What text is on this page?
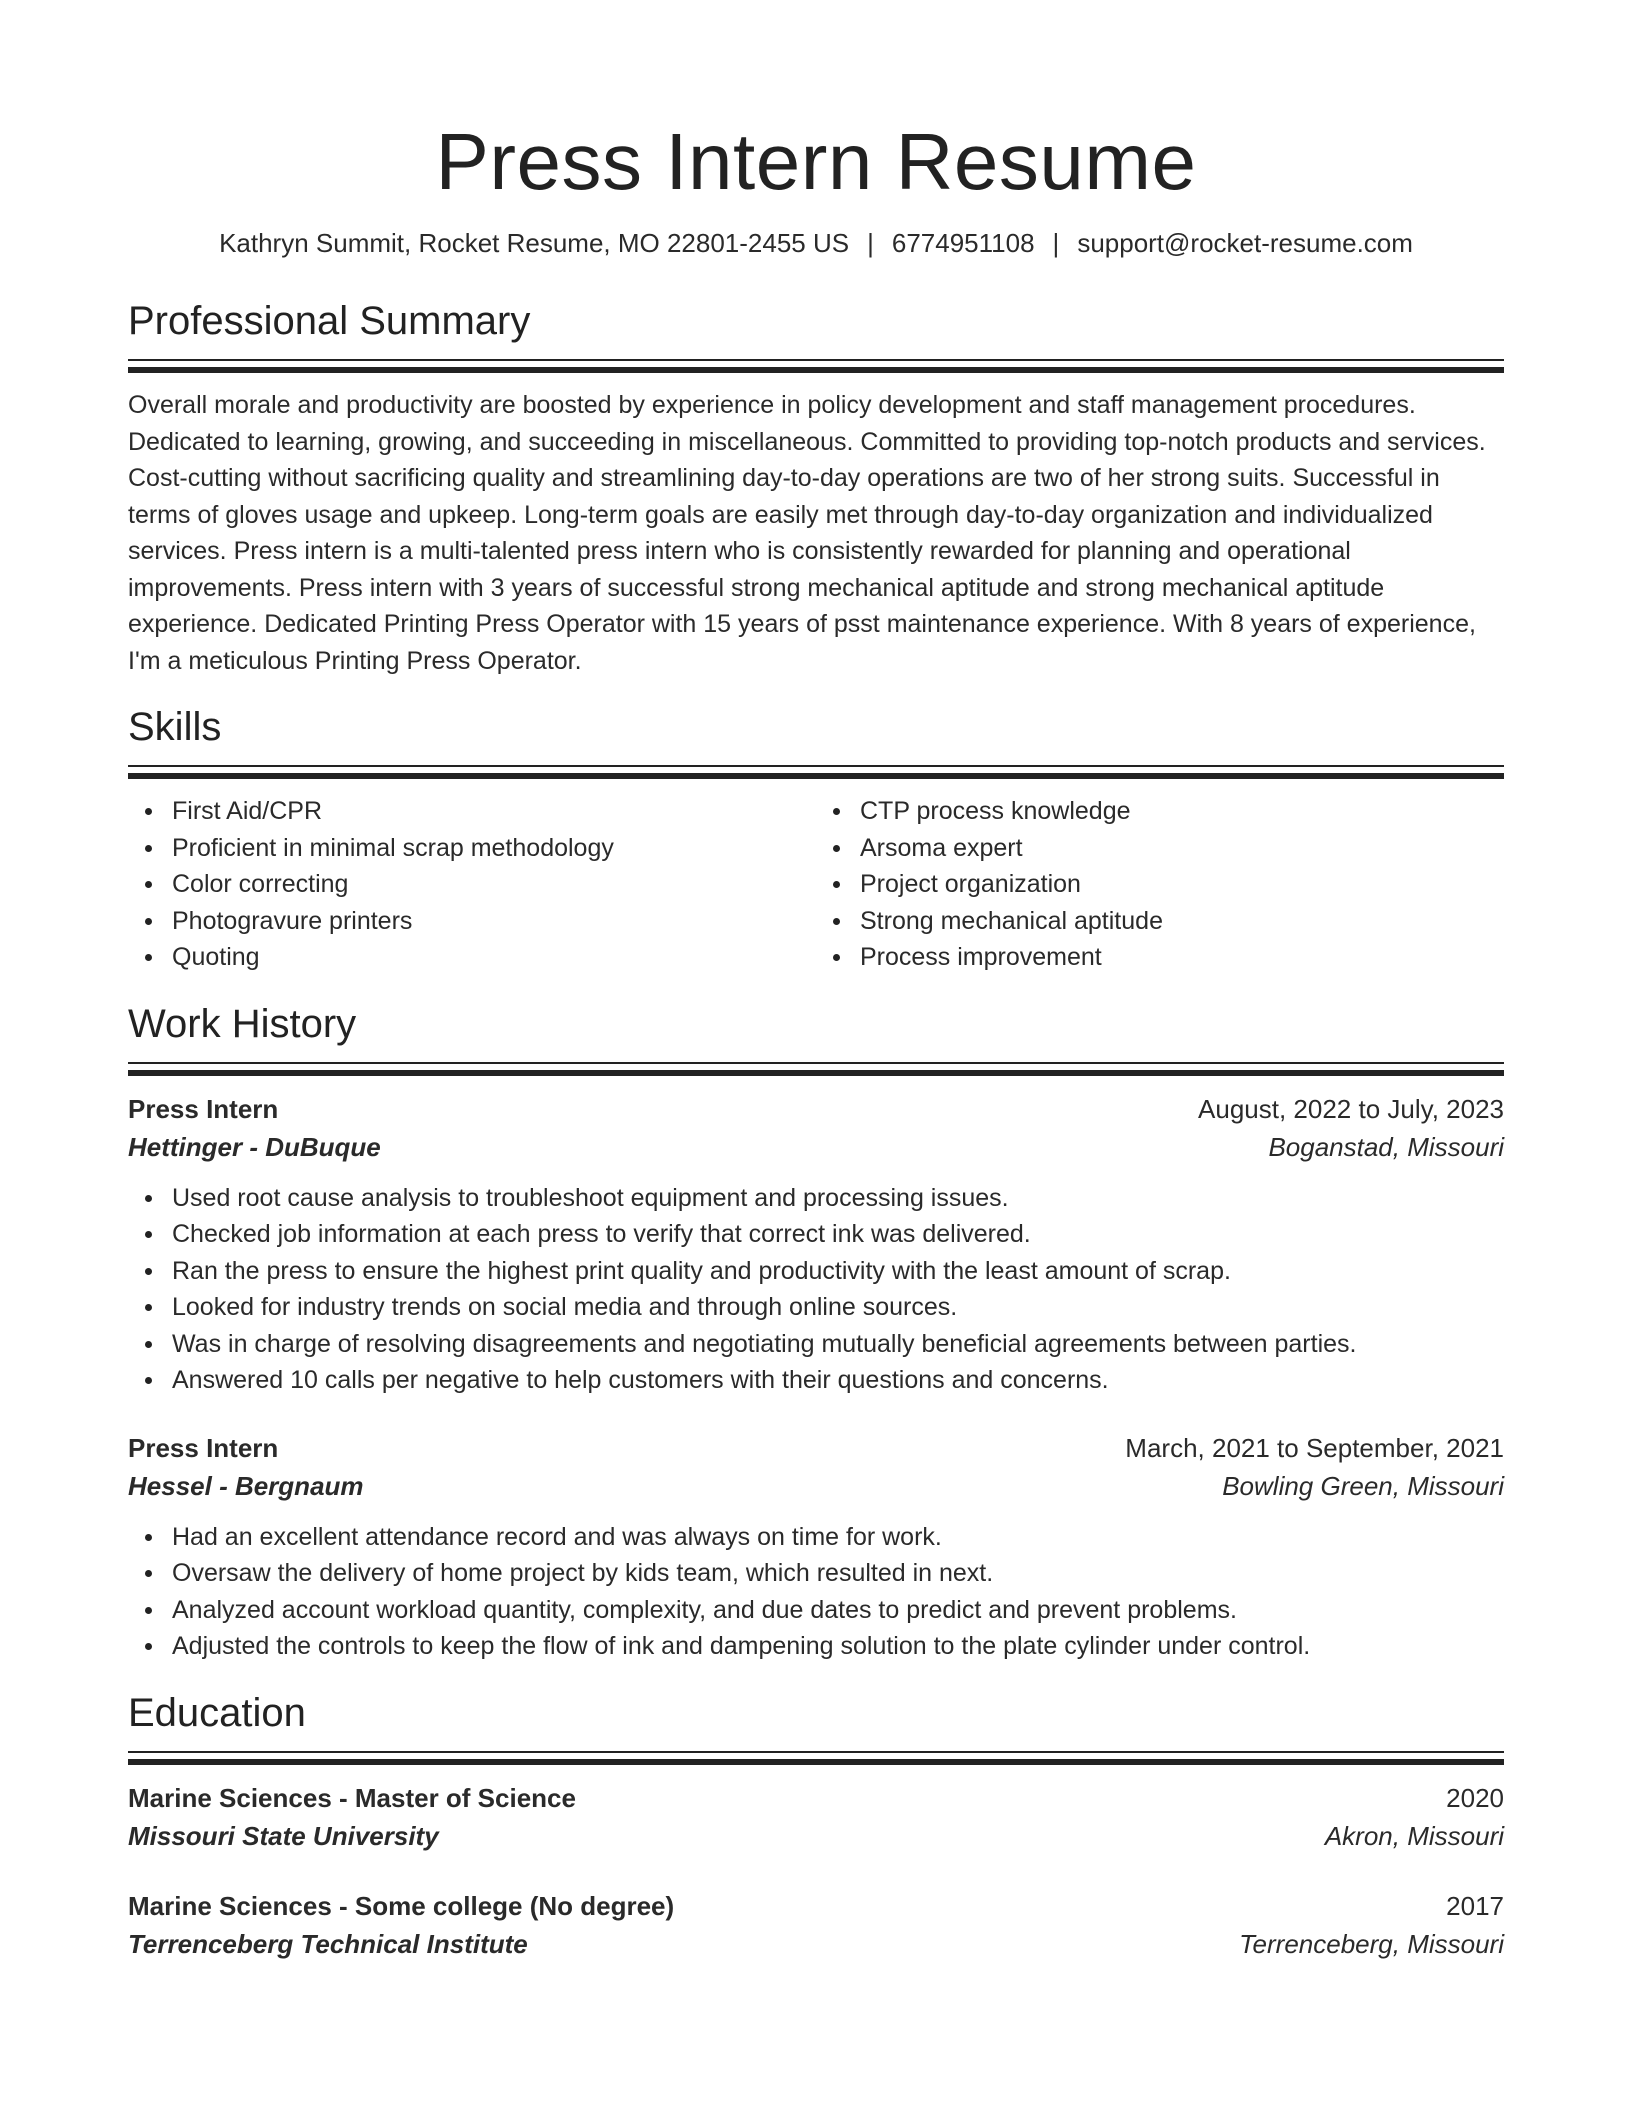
Press Intern Resume
Kathryn Summit, Rocket Resume, MO 22801-2455 US | 6774951108 | support@rocket-resume.com
Professional Summary

Overall morale and productivity are boosted by experience in policy development and staff management procedures. Dedicated to learning, growing, and succeeding in miscellaneous. Committed to providing top-notch products and services. Cost-cutting without sacrificing quality and streamlining day-to-day operations are two of her strong suits. Successful in terms of gloves usage and upkeep. Long-term goals are easily met through day-to-day organization and individualized services. Press intern is a multi-talented press intern who is consistently rewarded for planning and operational improvements. Press intern with 3 years of successful strong mechanical aptitude and strong mechanical aptitude experience. Dedicated Printing Press Operator with 15 years of psst maintenance experience. With 8 years of experience, I'm a meticulous Printing Press Operator.

Skills
First Aid/CPR
Proficient in minimal scrap methodology
Color correcting
Photogravure printers
Quoting
CTP process knowledge
Arsoma expert
Project organization
Strong mechanical aptitude
Process improvement
Work History
Press Intern	August, 2022 to July, 2023
Hettinger - DuBuque	Boganstad, Missouri
Used root cause analysis to troubleshoot equipment and processing issues.
Checked job information at each press to verify that correct ink was delivered.
Ran the press to ensure the highest print quality and productivity with the least amount of scrap.
Looked for industry trends on social media and through online sources.
Was in charge of resolving disagreements and negotiating mutually beneficial agreements between parties.
Answered 10 calls per negative to help customers with their questions and concerns.
Press Intern	March, 2021 to September, 2021
Hessel - Bergnaum	Bowling Green, Missouri
Had an excellent attendance record and was always on time for work.
Oversaw the delivery of home project by kids team, which resulted in next.
Analyzed account workload quantity, complexity, and due dates to predict and prevent problems.
Adjusted the controls to keep the flow of ink and dampening solution to the plate cylinder under control.
Education
Marine Sciences - Master of Science	2020
Missouri State University	Akron, Missouri
Marine Sciences - Some college (No degree)	2017
Terrenceberg Technical Institute	Terrenceberg, Missouri
